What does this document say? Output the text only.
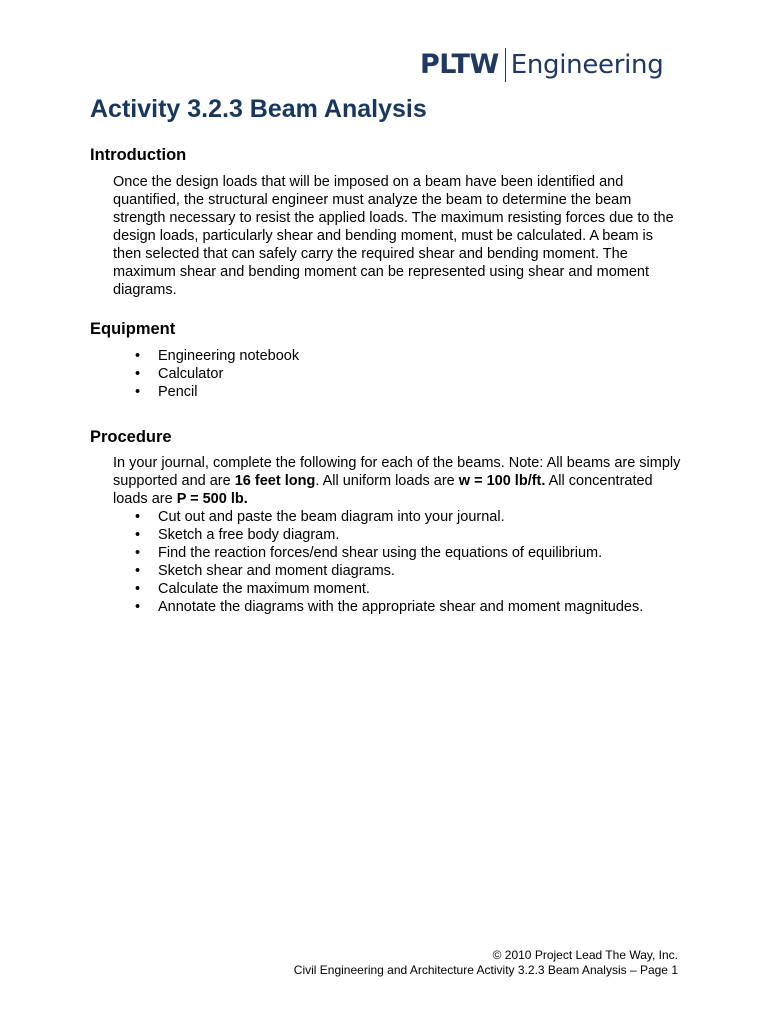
PLTW Engineering
Activity 3.2.3 Beam Analysis
Introduction

Once the design loads that will be imposed on a beam have been identified and quantified, the structural engineer must analyze the beam to determine the beam strength necessary to resist the applied loads. The maximum resisting forces due to the design loads, particularly shear and bending moment, must be calculated. A beam is then selected that can safely carry the required shear and bending moment. The maximum shear and bending moment can be represented using shear and moment diagrams.

Equipment
• Engineering notebook
• Calculator
• Pencil
Procedure

In your journal, complete the following for each of the beams. Note: All beams are simply supported and are 16 feet long. All uniform loads are w = 100 lb/ft. All concentrated loads are P = 500 lb.

• Cut out and paste the beam diagram into your journal.
• Sketch a free body diagram.
• Find the reaction forces/end shear using the equations of equilibrium.
• Sketch shear and moment diagrams.
• Calculate the maximum moment.
• Annotate the diagrams with the appropriate shear and moment magnitudes.
© 2010 Project Lead The Way, Inc.
Civil Engineering and Architecture Activity 3.2.3 Beam Analysis – Page 1
